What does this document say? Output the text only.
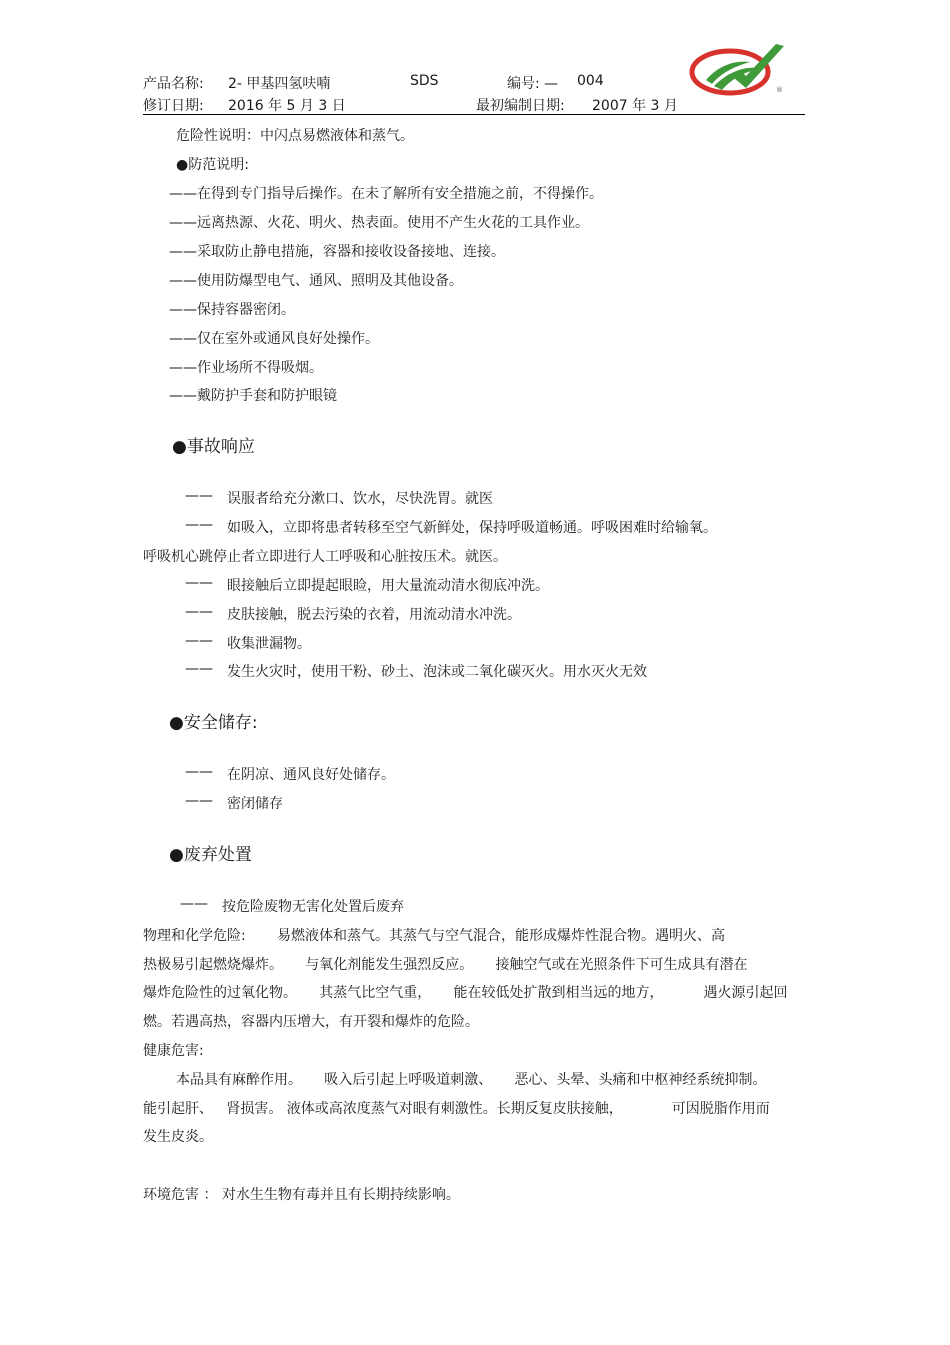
产品名称: 2- 甲基四氢呋喃	SDS	编号: — 004
修订日期: 2016 年 5 月 3 日	最初编制日期: 2007 年 3 月
®
危险性说明：中闪点易燃液体和蒸气。
●防范说明:
——在得到专门指导后操作。在未了解所有安全措施之前，不得操作。
——远离热源、火花、明火、热表面。使用不产生火花的工具作业。
——采取防止静电措施，容器和接收设备接地、连接。
——使用防爆型电气、通风、照明及其他设备。
——保持容器密闭。
——仅在室外或通风良好处操作。
——作业场所不得吸烟。
——戴防护手套和防护眼镜
●事故响应
—— 误服者给充分漱口、饮水，尽快洗胃。就医
—— 如吸入，立即将患者转移至空气新鲜处，保持呼吸道畅通。呼吸困难时给输氧。
呼吸机心跳停止者立即进行人工呼吸和心脏按压术。就医。
—— 眼接触后立即提起眼睑，用大量流动清水彻底冲洗。
—— 皮肤接触，脱去污染的衣着，用流动清水冲洗。
—— 收集泄漏物。
—— 发生火灾时，使用干粉、砂土、泡沫或二氧化碳灭火。用水灭火无效
●安全储存:
—— 在阴凉、通风良好处储存。
—— 密闭储存
●废弃处置
—— 按危险废物无害化处置后废弃
物理和化学危险: 易燃液体和蒸气。其蒸气与空气混合，能形成爆炸性混合物。遇明火、高
热极易引起燃烧爆炸。     与氧化剂能发生强烈反应。     接触空气或在光照条件下可生成具有潜在
爆炸危险性的过氧化物。     其蒸气比空气重，     能在较低处扩散到相当远的地方，         遇火源引起回
燃。若遇高热，容器内压增大，有开裂和爆炸的危险。
健康危害:
本品具有麻醉作用。     吸入后引起上呼吸道刺激、     恶心、头晕、头痛和中枢神经系统抑制。
能引起肝、   肾损害。 液体或高浓度蒸气对眼有刺激性。长期反复皮肤接触，           可因脱脂作用而
发生皮炎。
环境危害 ： 对水生生物有毒并且有长期持续影响。
